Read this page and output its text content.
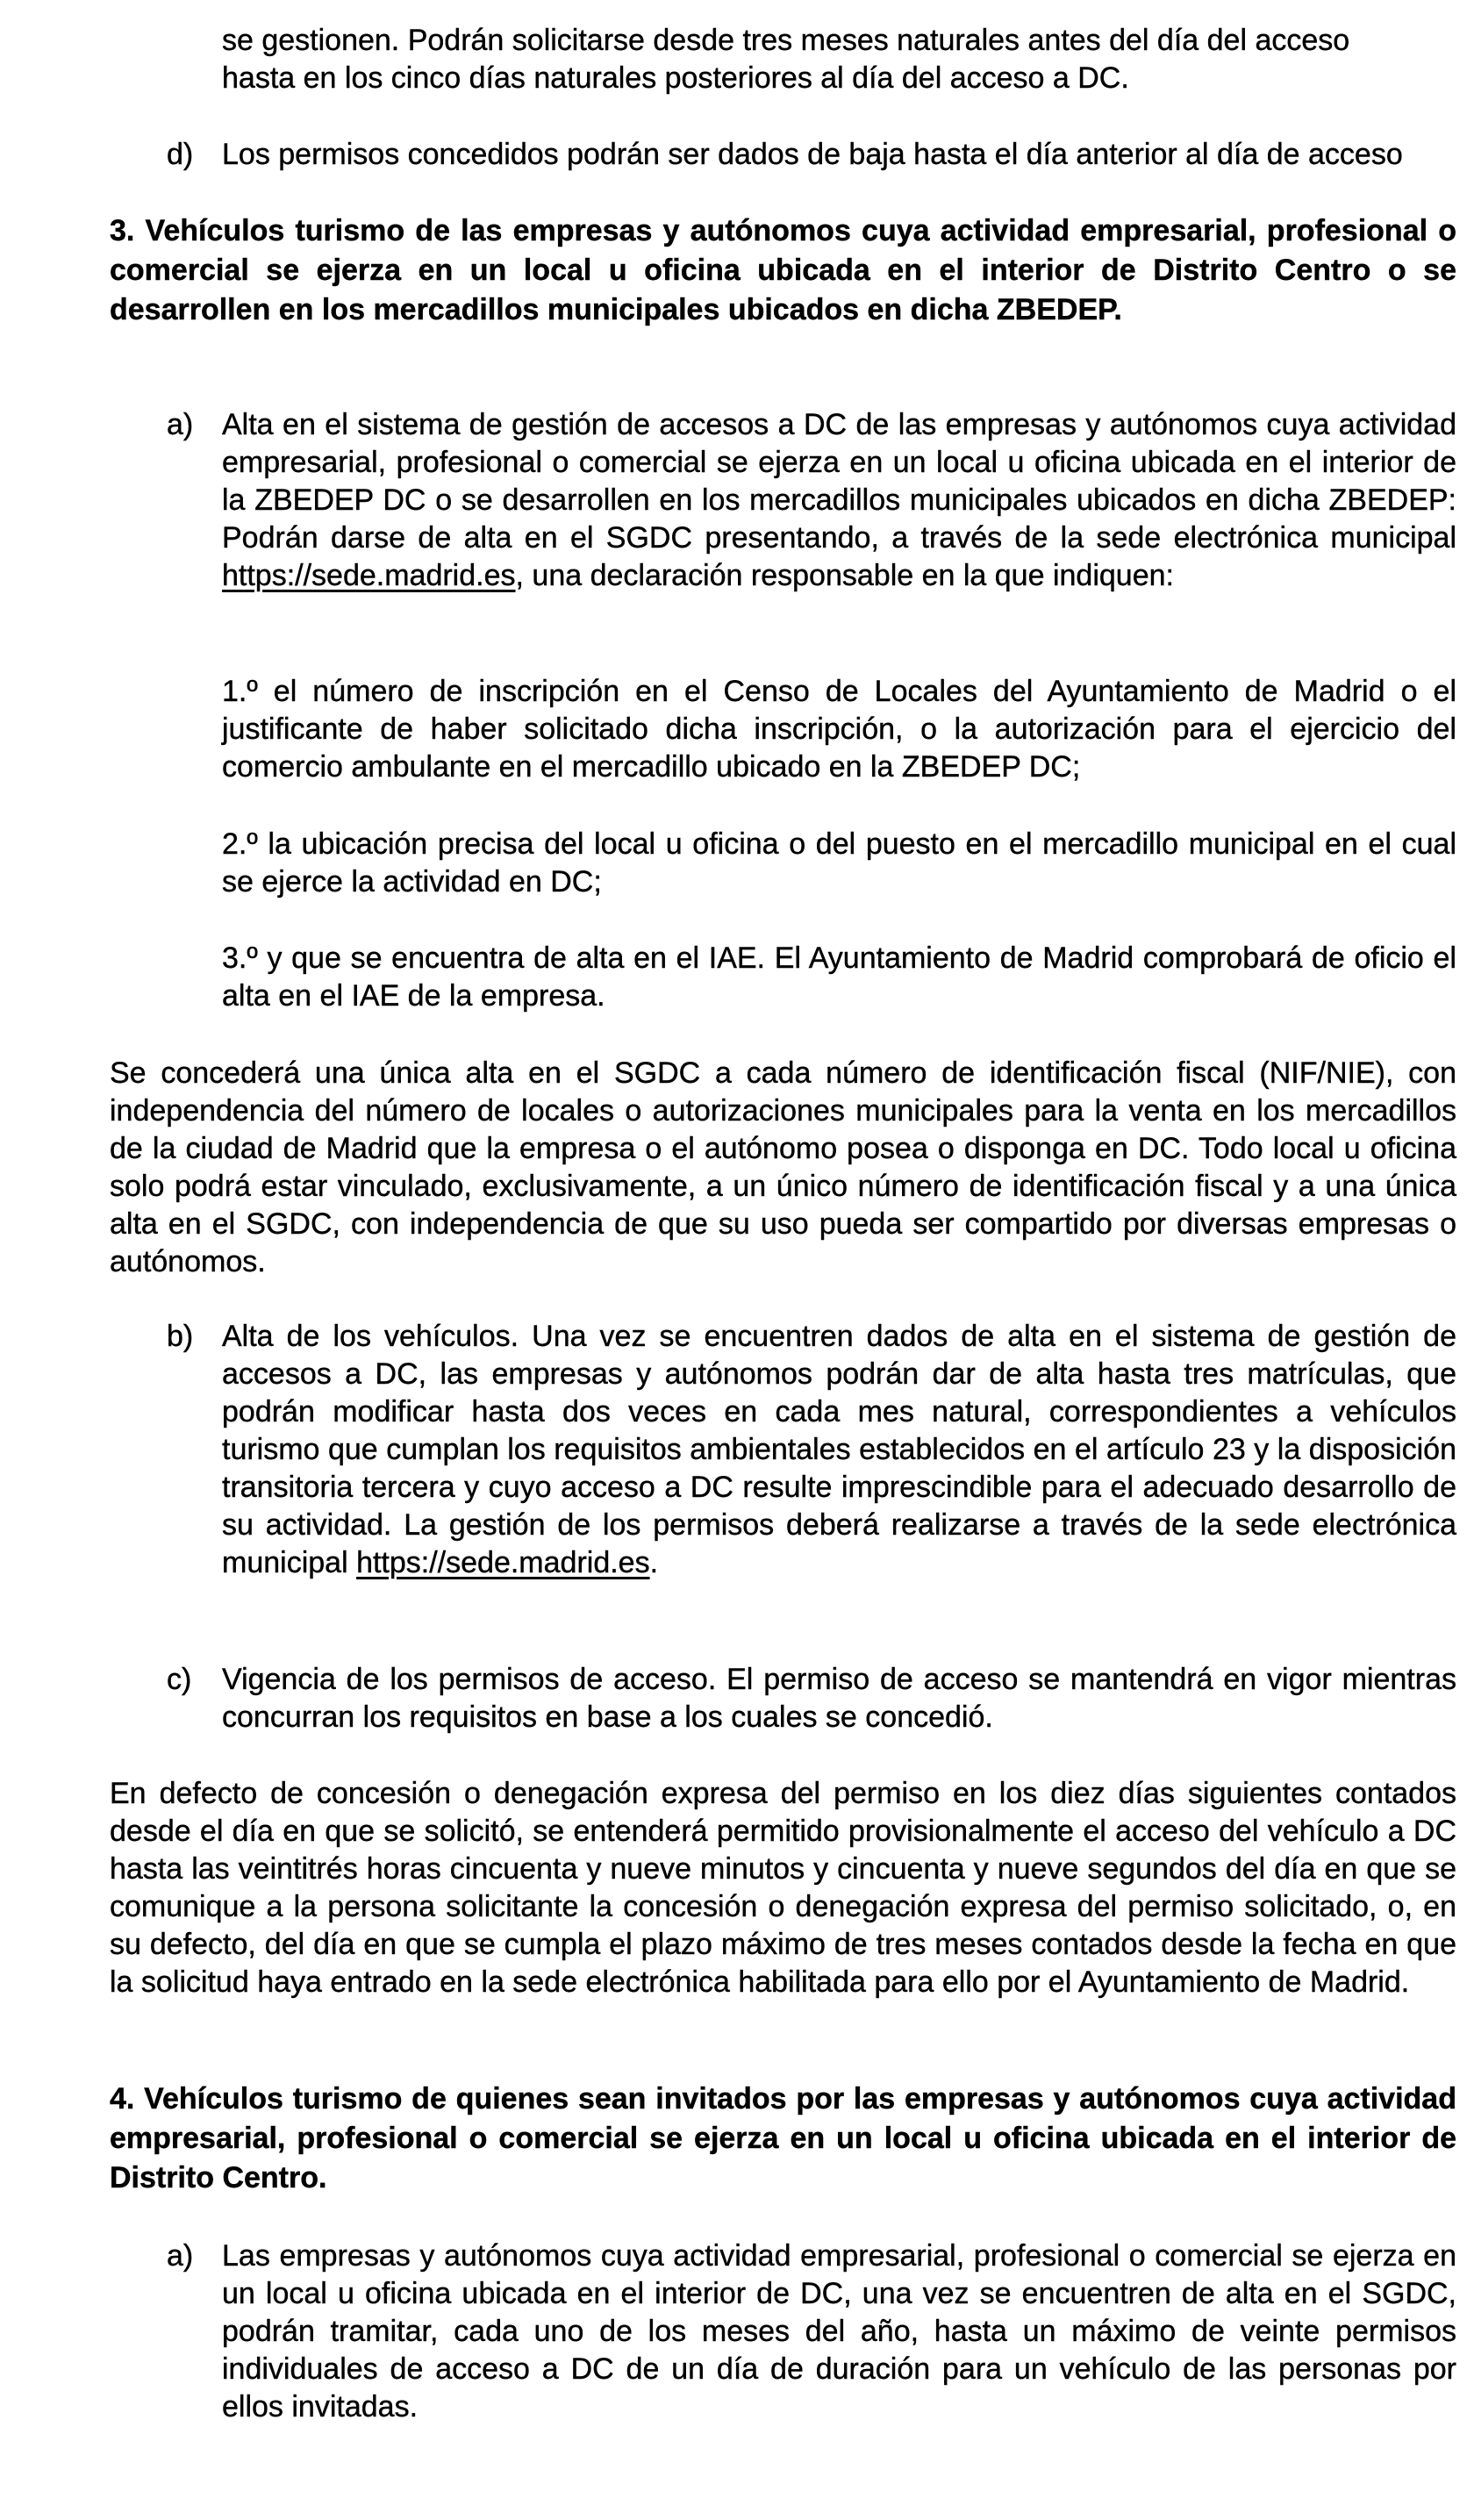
se gestionen. Podrán solicitarse desde tres meses naturales antes del día del acceso hasta en los cinco días naturales posteriores al día del acceso a DC.
d) Los permisos concedidos podrán ser dados de baja hasta el día anterior al día de acceso
3. Vehículos turismo de las empresas y autónomos cuya actividad empresarial, profesional o comercial se ejerza en un local u oficina ubicada en el interior de Distrito Centro o se desarrollen en los mercadillos municipales ubicados en dicha ZBEDEP.
a) Alta en el sistema de gestión de accesos a DC de las empresas y autónomos cuya actividad empresarial, profesional o comercial se ejerza en un local u oficina ubicada en el interior de la ZBEDEP DC o se desarrollen en los mercadillos municipales ubicados en dicha ZBEDEP: Podrán darse de alta en el SGDC presentando, a través de la sede electrónica municipal https://sede.madrid.es, una declaración responsable en la que indiquen:
1.º el número de inscripción en el Censo de Locales del Ayuntamiento de Madrid o el justificante de haber solicitado dicha inscripción, o la autorización para el ejercicio del comercio ambulante en el mercadillo ubicado en la ZBEDEP DC;
2.º la ubicación precisa del local u oficina o del puesto en el mercadillo municipal en el cual se ejerce la actividad en DC;
3.º y que se encuentra de alta en el IAE. El Ayuntamiento de Madrid comprobará de oficio el alta en el IAE de la empresa.
Se concederá una única alta en el SGDC a cada número de identificación fiscal (NIF/NIE), con independencia del número de locales o autorizaciones municipales para la venta en los mercadillos de la ciudad de Madrid que la empresa o el autónomo posea o disponga en DC. Todo local u oficina solo podrá estar vinculado, exclusivamente, a un único número de identificación fiscal y a una única alta en el SGDC, con independencia de que su uso pueda ser compartido por diversas empresas o autónomos.
b) Alta de los vehículos. Una vez se encuentren dados de alta en el sistema de gestión de accesos a DC, las empresas y autónomos podrán dar de alta hasta tres matrículas, que podrán modificar hasta dos veces en cada mes natural, correspondientes a vehículos turismo que cumplan los requisitos ambientales establecidos en el artículo 23 y la disposición transitoria tercera y cuyo acceso a DC resulte imprescindible para el adecuado desarrollo de su actividad. La gestión de los permisos deberá realizarse a través de la sede electrónica municipal https://sede.madrid.es.
c)	Vigencia de los permisos de acceso. El permiso de acceso se mantendrá en vigor mientras concurran los requisitos en base a los cuales se concedió.
En defecto de concesión o denegación expresa del permiso en los diez días siguientes contados desde el día en que se solicitó, se entenderá permitido provisionalmente el acceso del vehículo a DC hasta las veintitrés horas cincuenta y nueve minutos y cincuenta y nueve segundos del día en que se comunique a la persona solicitante la concesión o denegación expresa del permiso solicitado, o, en su defecto, del día en que se cumpla el plazo máximo de tres meses contados desde la fecha en que la solicitud haya entrado en la sede electrónica habilitada para ello por el Ayuntamiento de Madrid.
4. Vehículos turismo de quienes sean invitados por las empresas y autónomos cuya actividad empresarial, profesional o comercial se ejerza en un local u oficina ubicada en el interior de Distrito Centro.
a) Las empresas y autónomos cuya actividad empresarial, profesional o comercial se ejerza en un local u oficina ubicada en el interior de DC, una vez se encuentren de alta en el SGDC, podrán tramitar, cada uno de los meses del año, hasta un máximo de veinte permisos individuales de acceso a DC de un día de duración para un vehículo de las personas por ellos invitadas.
